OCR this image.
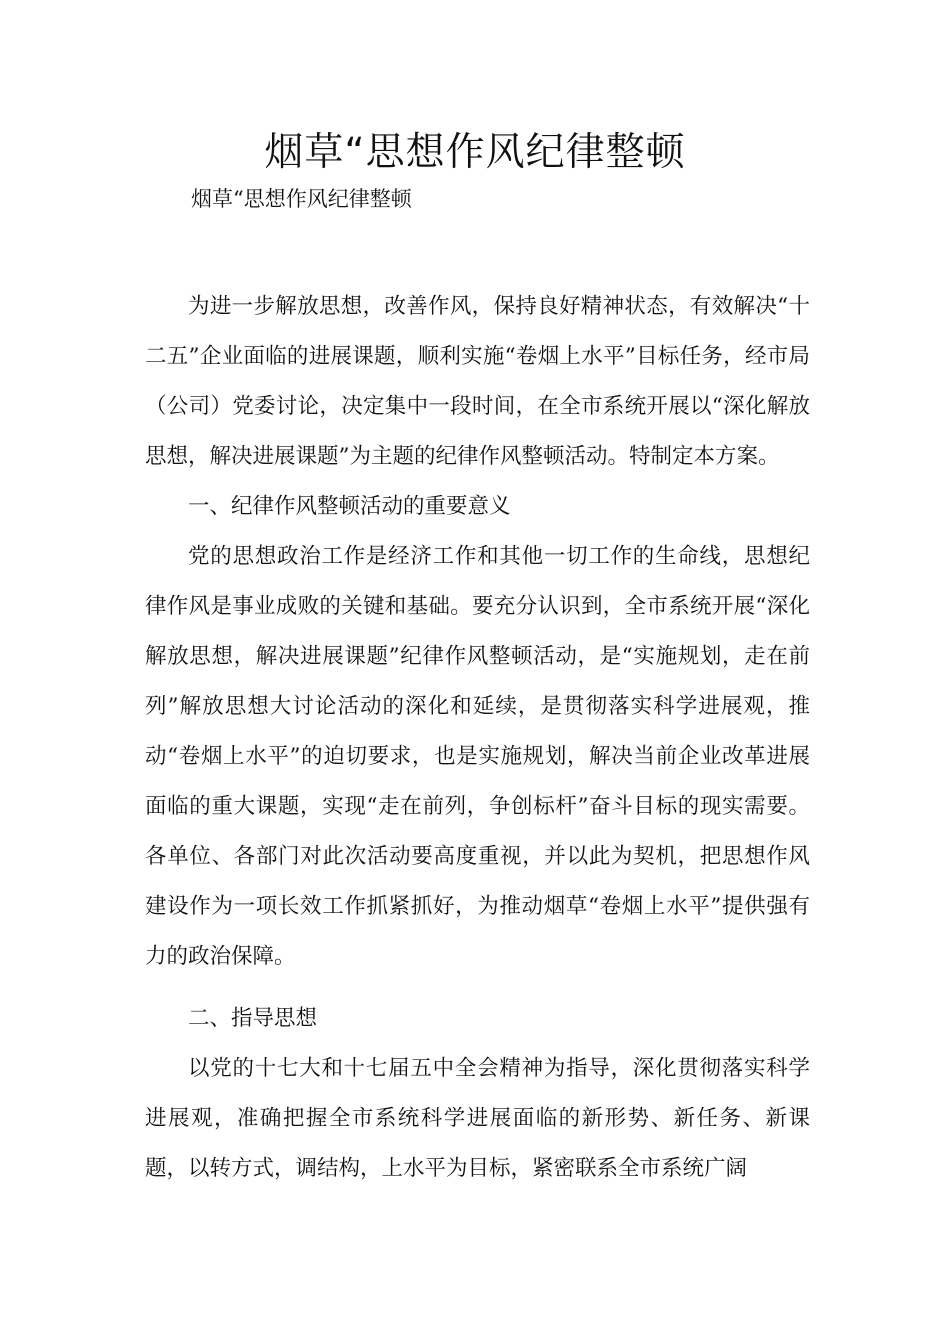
烟草“思想作风纪律整顿

烟草“思想作风纪律整顿

为进一步解放思想，改善作风，保持良好精神状态，有效解决“十二五”企业面临的进展课题，顺利实施“卷烟上水平”目标任务，经市局（公司）党委讨论，决定集中一段时间，在全市系统开展以“深化解放思想，解决进展课题”为主题的纪律作风整顿活动。特制定本方案。

一、纪律作风整顿活动的重要意义

党的思想政治工作是经济工作和其他一切工作的生命线，思想纪律作风是事业成败的关键和基础。要充分认识到，全市系统开展“深化解放思想，解决进展课题”纪律作风整顿活动，是“实施规划，走在前列”解放思想大讨论活动的深化和延续，是贯彻落实科学进展观，推动“卷烟上水平”的迫切要求，也是实施规划，解决当前企业改革进展面临的重大课题，实现“走在前列，争创标杆”奋斗目标的现实需要。各单位、各部门对此次活动要高度重视，并以此为契机，把思想作风建设作为一项长效工作抓紧抓好，为推动烟草“卷烟上水平”提供强有力的政治保障。

二、指导思想

以党的十七大和十七届五中全会精神为指导，深化贯彻落实科学进展观，准确把握全市系统科学进展面临的新形势、新任务、新课题，以转方式，调结构，上水平为目标，紧密联系全市系统广阔
